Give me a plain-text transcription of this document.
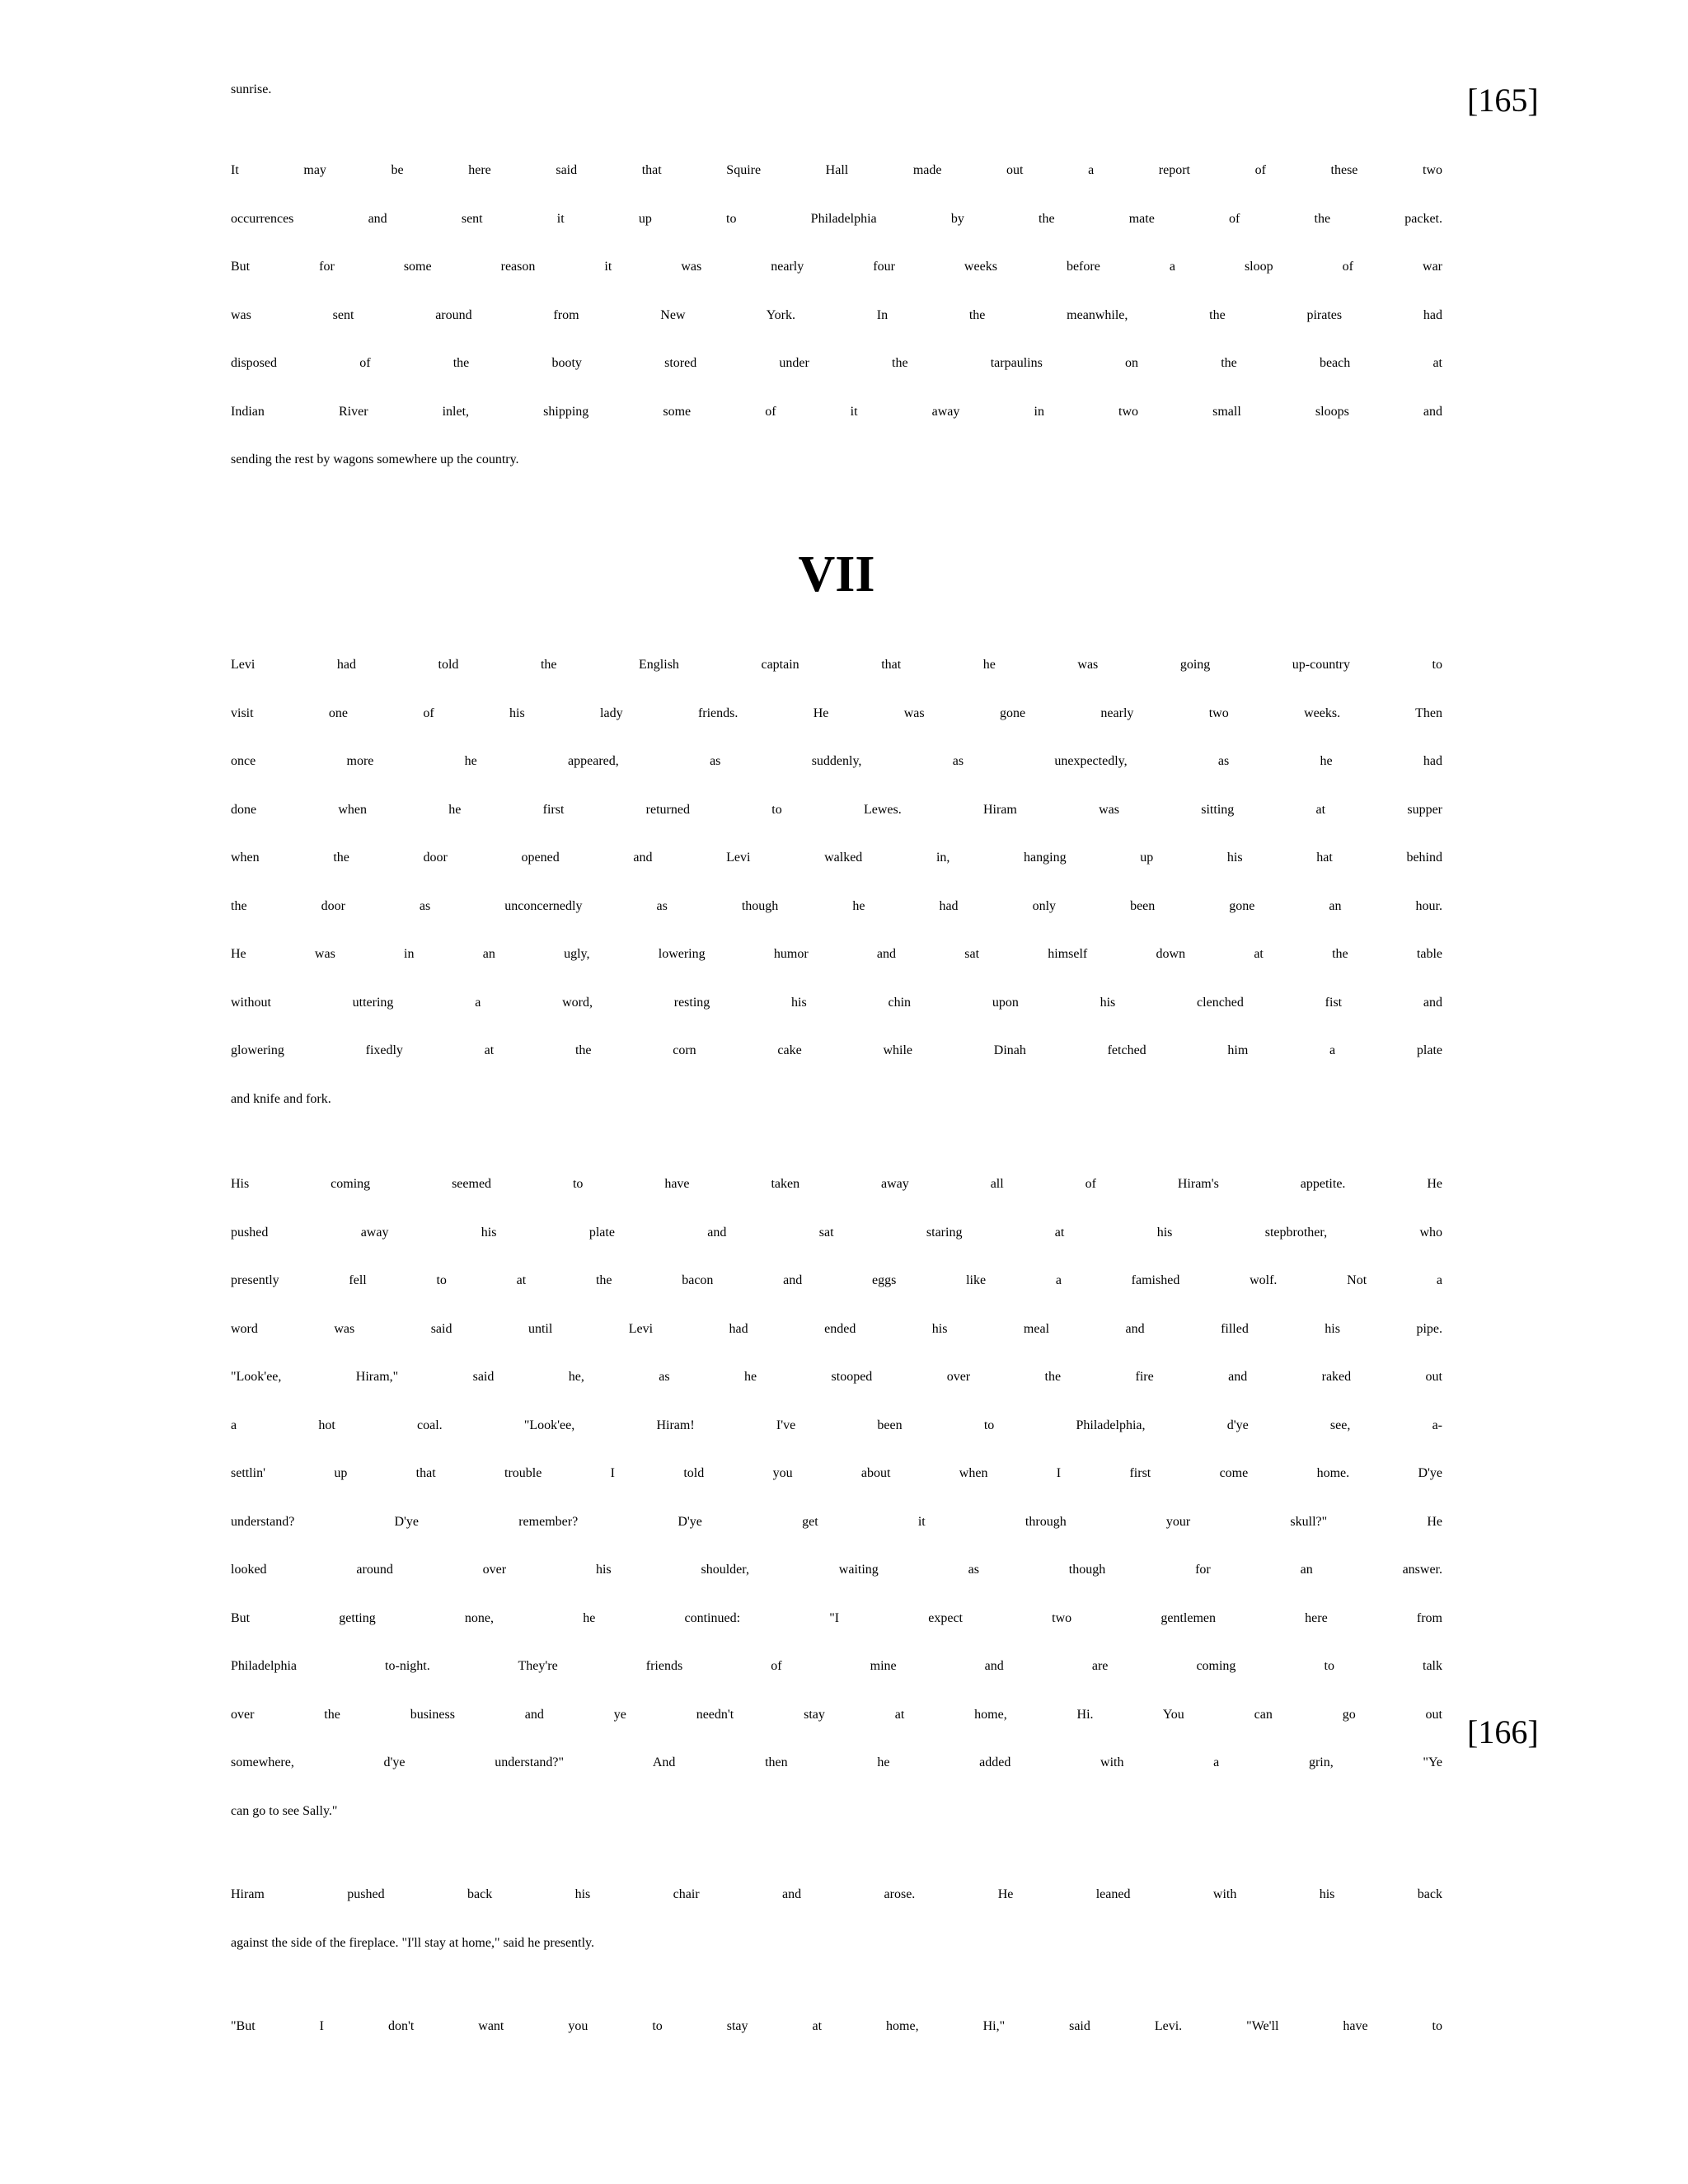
[165]
[166]
sunrise.
It may be here said that Squire Hall made out a report of these two
occurrences and sent it up to Philadelphia by the mate of the packet.
But for some reason it was nearly four weeks before a sloop of war
was sent around from New York. In the meanwhile, the pirates had
disposed of the booty stored under the tarpaulins on the beach at
Indian River inlet, shipping some of it away in two small sloops and
sending the rest by wagons somewhere up the country.
VII
Levi had told the English captain that he was going up-country to
visit one of his lady friends. He was gone nearly two weeks. Then
once more he appeared, as suddenly, as unexpectedly, as he had
done when he first returned to Lewes. Hiram was sitting at supper
when the door opened and Levi walked in, hanging up his hat behind
the door as unconcernedly as though he had only been gone an hour.
He was in an ugly, lowering humor and sat himself down at the table
without uttering a word, resting his chin upon his clenched fist and
glowering fixedly at the corn cake while Dinah fetched him a plate
and knife and fork.
His coming seemed to have taken away all of Hiram's appetite. He
pushed away his plate and sat staring at his stepbrother, who
presently fell to at the bacon and eggs like a famished wolf. Not a
word was said until Levi had ended his meal and filled his pipe.
"Look'ee, Hiram," said he, as he stooped over the fire and raked out
a hot coal. "Look'ee, Hiram! I've been to Philadelphia, d'ye see, a-
settlin' up that trouble I told you about when I first come home. D'ye
understand? D'ye remember? D'ye get it through your skull?" He
looked around over his shoulder, waiting as though for an answer.
But getting none, he continued: "I expect two gentlemen here from
Philadelphia to-night. They're friends of mine and are coming to talk
over the business and ye needn't stay at home, Hi. You can go out
somewhere, d'ye understand?" And then he added with a grin, "Ye
can go to see Sally."
Hiram pushed back his chair and arose. He leaned with his back
against the side of the fireplace. "I'll stay at home," said he presently.
"But I don't want you to stay at home, Hi," said Levi. "We'll have to
